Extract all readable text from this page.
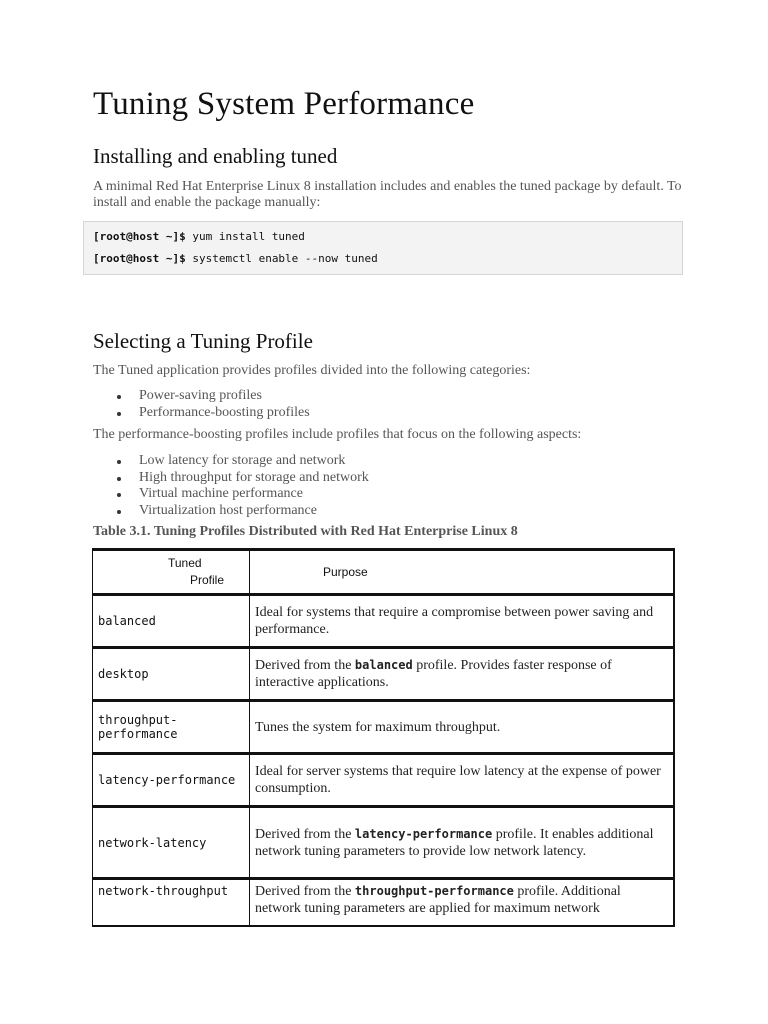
Tuning System Performance
Installing and enabling tuned

A minimal Red Hat Enterprise Linux 8 installation includes and enables the tuned package by default. To install and enable the package manually:

[root@host ~]$ yum install tuned
[root@host ~]$ systemctl enable --now tuned
Selecting a Tuning Profile

The Tuned application provides profiles divided into the following categories:

Power-saving profiles
Performance-boosting profiles

The performance-boosting profiles include profiles that focus on the following aspects:

Low latency for storage and network
High throughput for storage and network
Virtual machine performance
Virtualization host performance

Table 3.1. Tuning Profiles Distributed with Red Hat Enterprise Linux 8

Tuned
Profile	Purpose
balanced	Ideal for systems that require a compromise between power saving and performance.
desktop	Derived from the balanced profile. Provides faster response of interactive applications.
throughput-performance	Tunes the system for maximum throughput.
latency-performance	Ideal for server systems that require low latency at the expense of power consumption.
network-latency	Derived from the latency-performance profile. It enables additional network tuning parameters to provide low network latency.
network-throughput	Derived from the throughput-performance profile. Additional network tuning parameters are applied for maximum network
